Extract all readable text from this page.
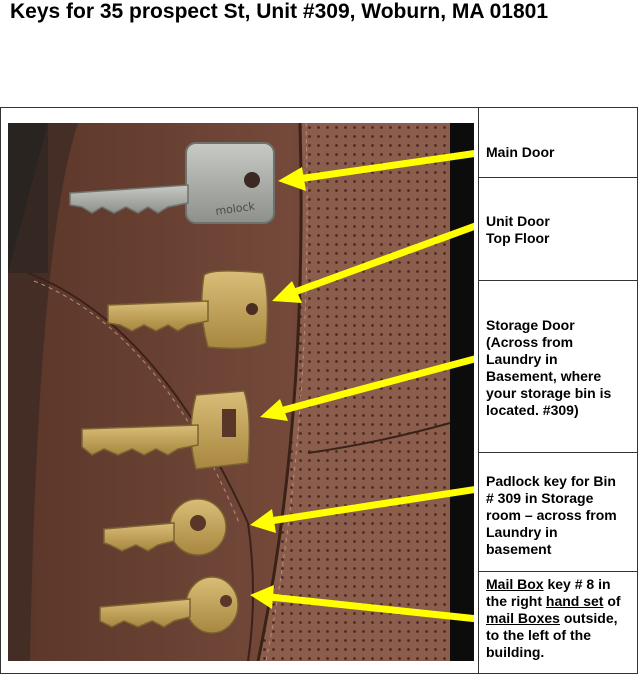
Keys for 35 prospect St, Unit #309, Woburn, MA 01801
Main Door
Unit Door
Top Floor
Storage Door
(Across from
Laundry in
Basement, where
your storage bin is
located. #309)
Padlock key for Bin
# 309 in Storage
room – across from
Laundry in
basement
Mail Box key # 8 in
the right hand set of
mail Boxes outside,
to the left of the
building.
molock
